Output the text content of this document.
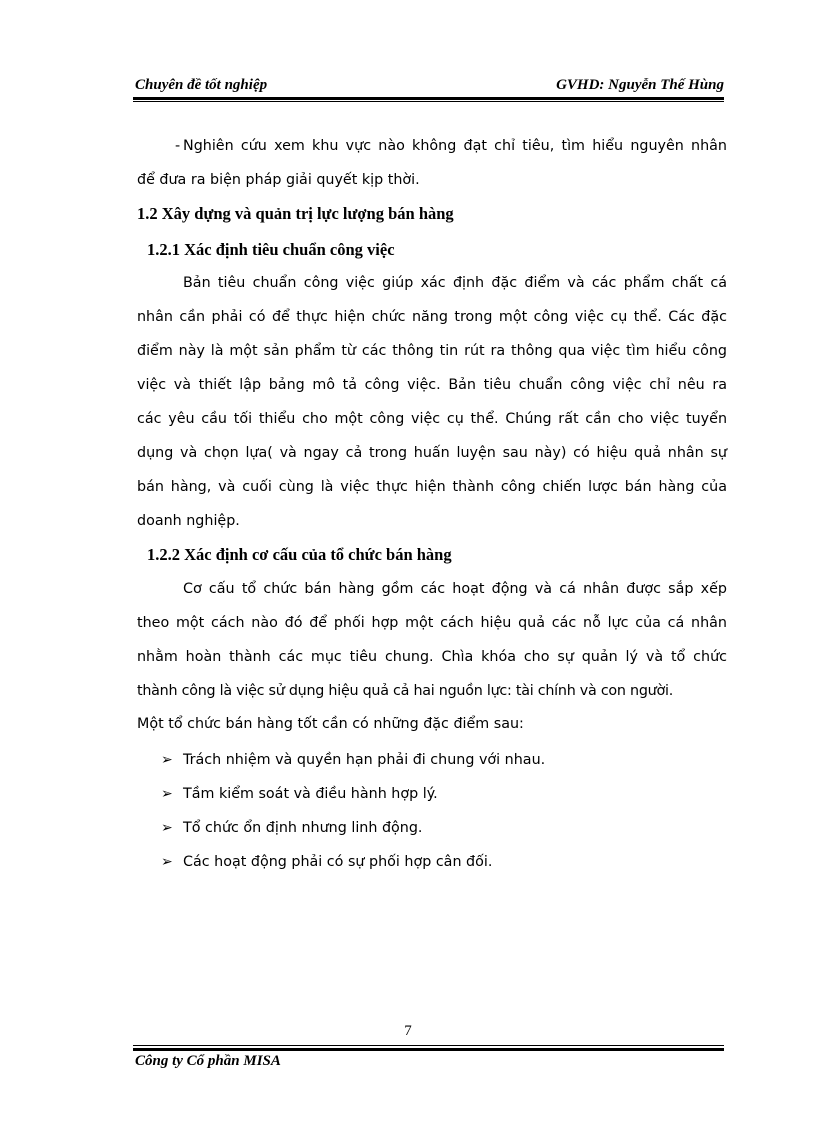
Chuyên đề tốt nghiệp	GVHD: Nguyễn Thế Hùng
- Nghiên cứu xem khu vực nào không đạt chỉ tiêu, tìm hiểu nguyên nhân
để đưa ra biện pháp giải quyết kịp thời.
1.2 Xây dựng và quản trị lực lượng bán hàng
1.2.1 Xác định tiêu chuẩn công việc
Bản tiêu chuẩn công việc giúp xác định đặc điểm và các phẩm chất cá
nhân cần phải có để thực hiện chức năng trong một công việc cụ thể. Các đặc
điểm này là một sản phẩm từ các thông tin rút ra thông qua việc tìm hiểu công
việc và thiết lập bảng mô tả công việc. Bản tiêu chuẩn công việc chỉ nêu ra
các yêu cầu tối thiểu cho một công việc cụ thể. Chúng rất cần cho việc tuyển
dụng và chọn lựa( và ngay cả trong huấn luyện sau này) có hiệu quả nhân sự
bán hàng, và cuối cùng là việc thực hiện thành công chiến lược bán hàng của
doanh nghiệp.
1.2.2 Xác định cơ cấu của tổ chức bán hàng
Cơ cấu tổ chức bán hàng gồm các hoạt động và cá nhân được sắp xếp
theo một cách nào đó để phối hợp một cách hiệu quả các nỗ lực của cá nhân
nhằm hoàn thành các mục tiêu chung. Chìa khóa cho sự quản lý và tổ chức
thành công là việc sử dụng hiệu quả cả hai nguồn lực: tài chính và con người.
Một tổ chức bán hàng tốt cần có những đặc điểm sau:
➢ Trách nhiệm và quyền hạn phải đi chung với nhau.
➢ Tầm kiểm soát và điều hành hợp lý.
➢ Tổ chức ổn định nhưng linh động.
➢ Các hoạt động phải có sự phối hợp cân đối.
7
Công ty Cổ phần MISA
